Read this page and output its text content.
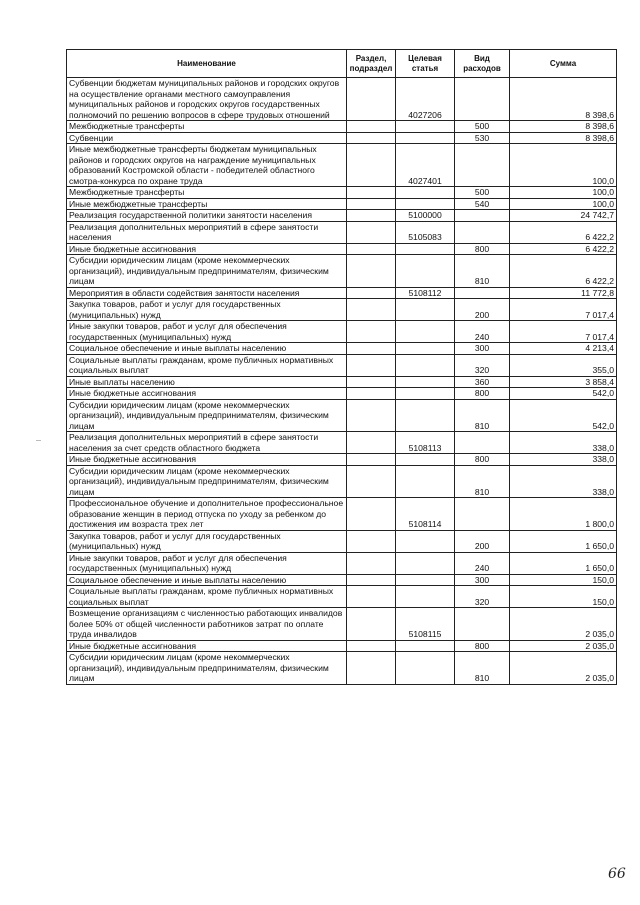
Наименование	Раздел, подраздел	Целевая статья	Вид расходов	Сумма
Субвенции бюджетам муниципальных районов и городских округов на осуществление органами местного самоуправления муниципальных районов и городских округов государственных полномочий по решению вопросов в сфере трудовых отношений		4027206		8 398,6
Межбюджетные трансферты			500	8 398,6
Субвенции			530	8 398,6
Иные межбюджетные трансферты бюджетам муниципальных районов и городских округов на награждение муниципальных образований Костромской области - победителей областного смотра-конкурса по охране труда		4027401		100,0
Межбюджетные трансферты			500	100,0
Иные межбюджетные трансферты			540	100,0
Реализация государственной политики занятости населения		5100000		24 742,7
Реализация дополнительных мероприятий в сфере занятости населения		5105083		6 422,2
Иные бюджетные ассигнования			800	6 422,2
Субсидии юридическим лицам (кроме некоммерческих организаций), индивидуальным предпринимателям, физическим лицам			810	6 422,2
Мероприятия в области содействия занятости населения		5108112		11 772,8
Закупка товаров, работ и услуг для государственных (муниципальных) нужд			200	7 017,4
Иные закупки товаров, работ и услуг для обеспечения государственных (муниципальных) нужд			240	7 017,4
Социальное обеспечение и иные выплаты населению			300	4 213,4
Социальные выплаты гражданам, кроме публичных нормативных социальных выплат			320	355,0
Иные выплаты населению			360	3 858,4
Иные бюджетные ассигнования			800	542,0
Субсидии юридическим лицам (кроме некоммерческих организаций), индивидуальным предпринимателям, физическим лицам			810	542,0
Реализация дополнительных мероприятий в сфере занятости населения за счет средств областного бюджета		5108113		338,0
Иные бюджетные ассигнования			800	338,0
Субсидии юридическим лицам (кроме некоммерческих организаций), индивидуальным предпринимателям, физическим лицам			810	338,0
Профессиональное обучение и дополнительное профессиональное образование женщин в период отпуска по уходу за ребенком до достижения им возраста трех лет		5108114		1 800,0
Закупка товаров, работ и услуг для государственных (муниципальных) нужд			200	1 650,0
Иные закупки товаров, работ и услуг для обеспечения государственных (муниципальных) нужд			240	1 650,0
Социальное обеспечение и иные выплаты населению			300	150,0
Социальные выплаты гражданам, кроме публичных нормативных социальных выплат			320	150,0
Возмещение организациям с численностью работающих инвалидов более 50% от общей численности работников затрат по оплате труда инвалидов		5108115		2 035,0
Иные бюджетные ассигнования			800	2 035,0
Субсидии юридическим лицам (кроме некоммерческих организаций), индивидуальным предпринимателям, физическим лицам			810	2 035,0
66
